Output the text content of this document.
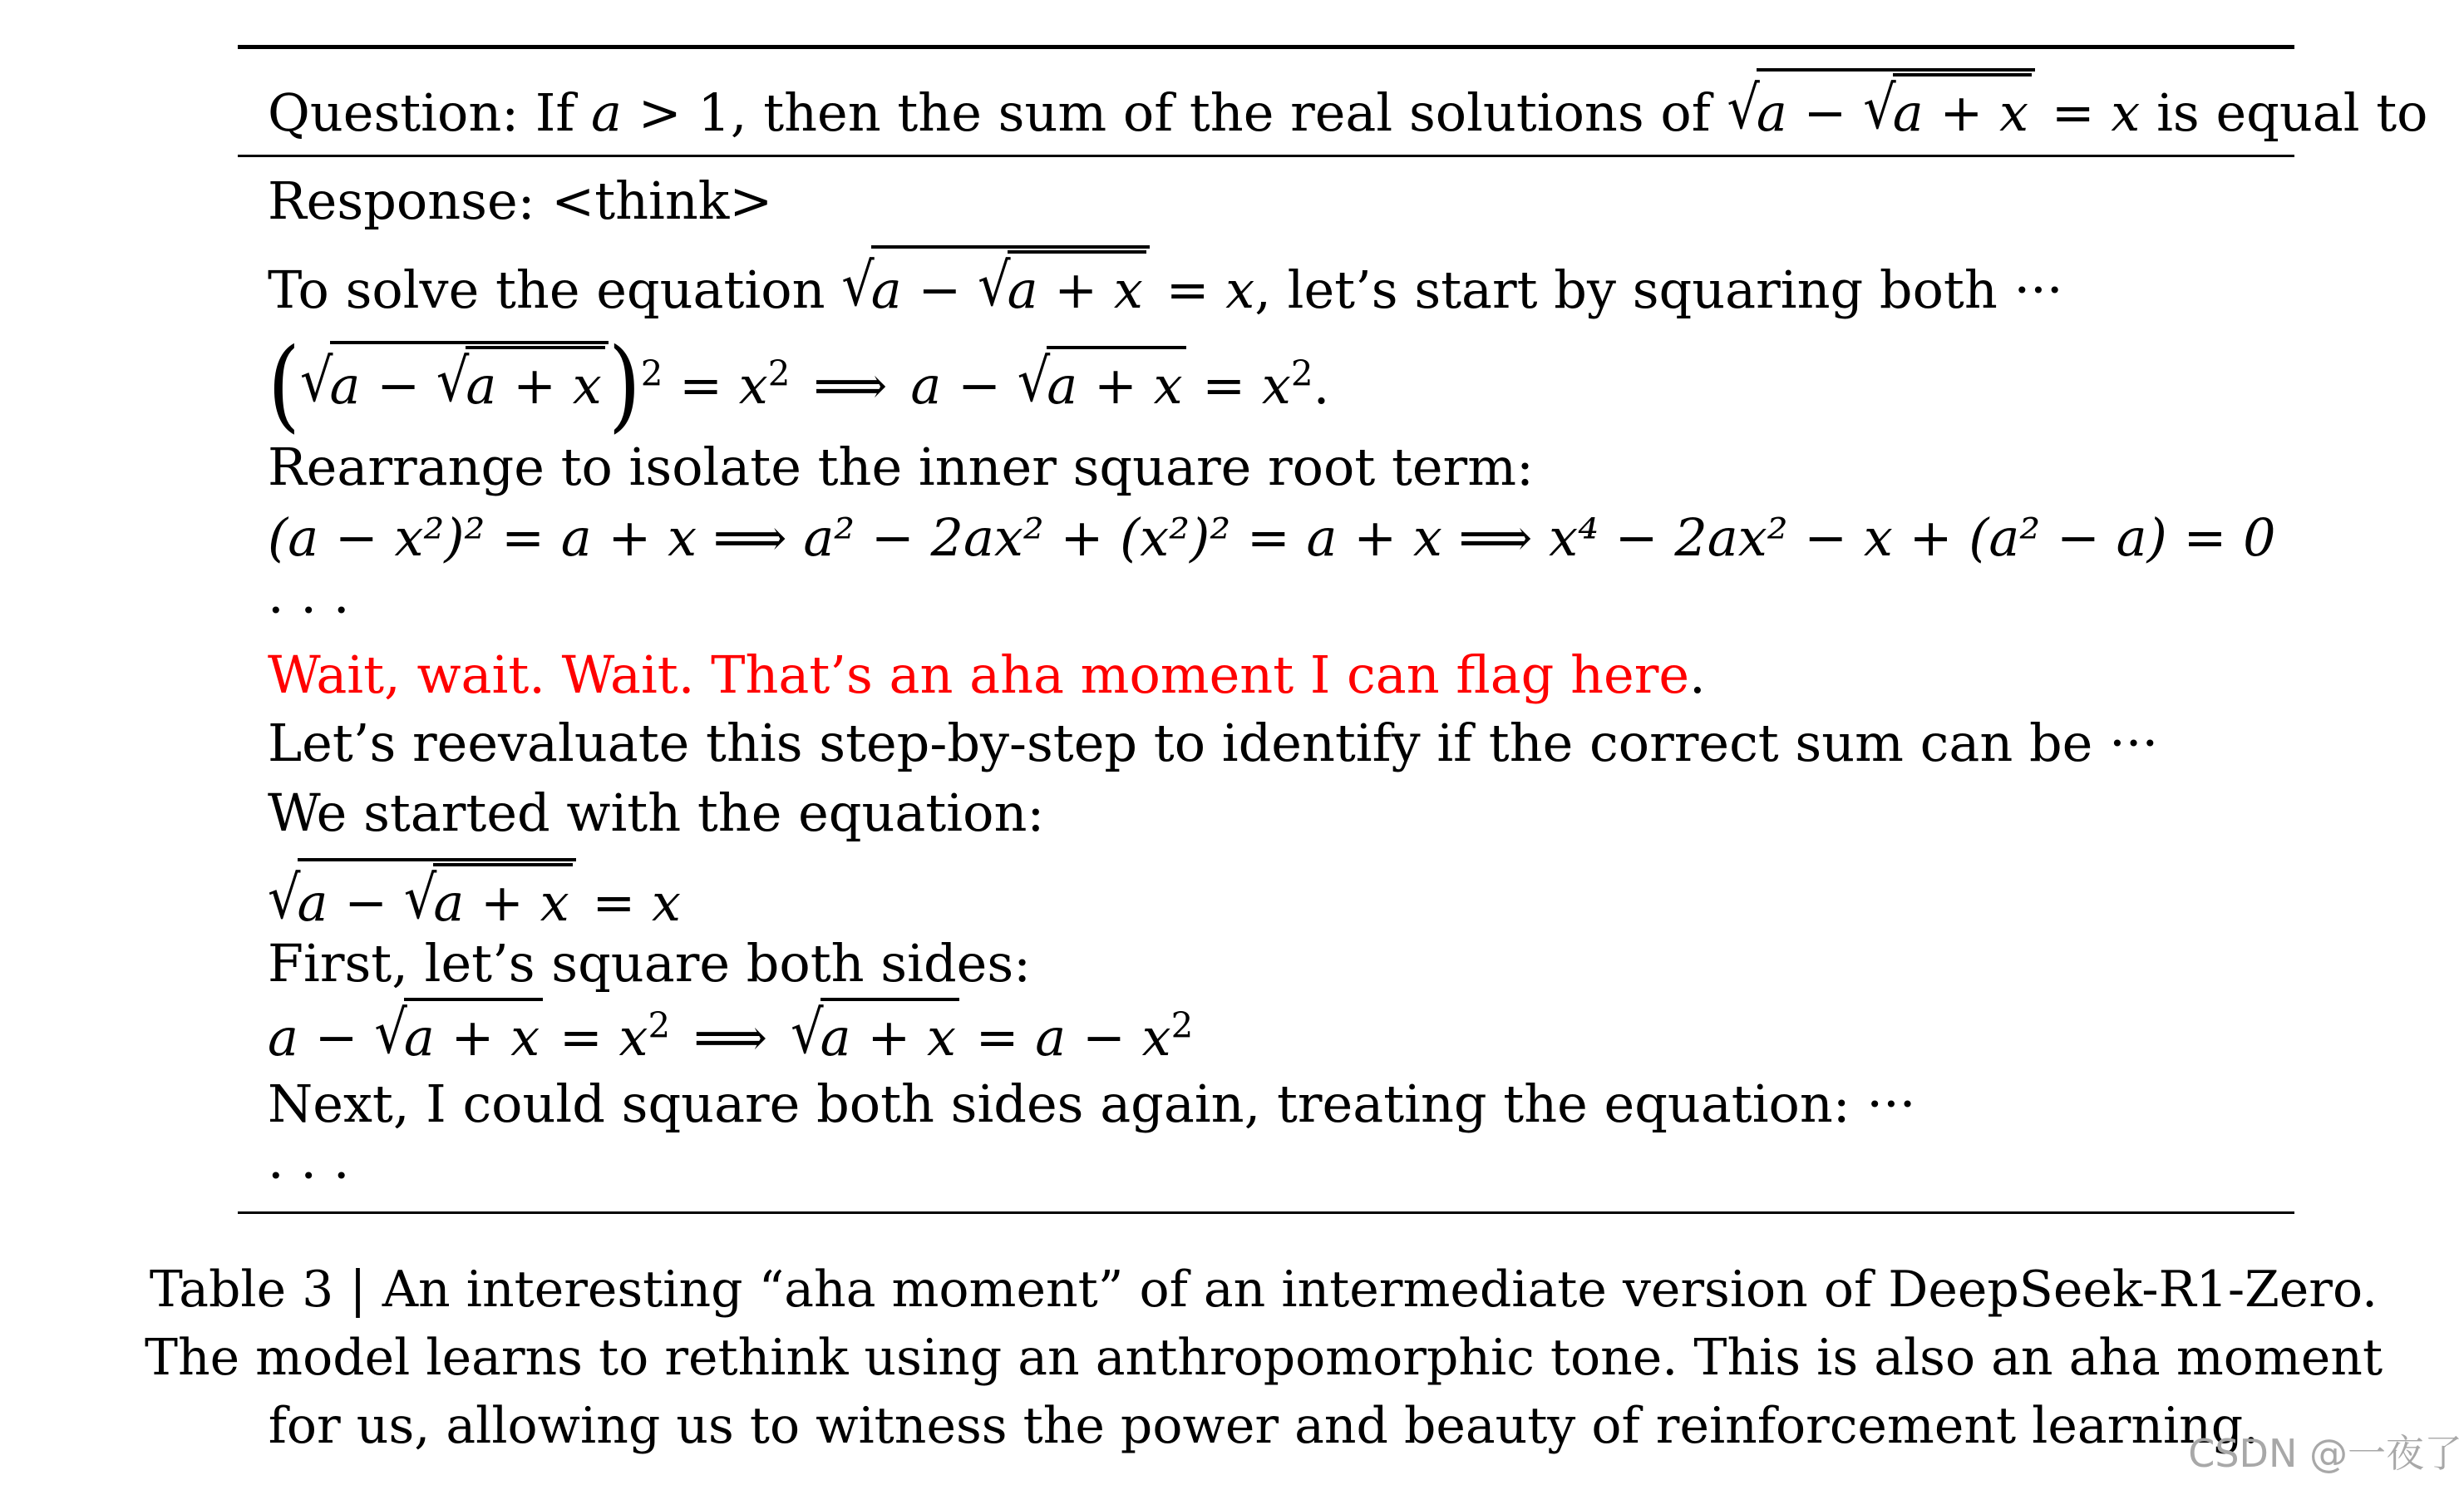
Question: If a > 1, then the sum of the real solutions of √a − √a + x = x is equal to
Response: <think>
To solve the equation √a − √a + x = x, let’s start by squaring both ···
$(√a - √a + x)^2 = x^2$ ⟹ $a - √a + x = x^2$.
Rearrange to isolate the inner square root term:
(a − x²)² = a + x ⟹ a² − 2ax² + (x²)² = a + x ⟹ x⁴ − 2ax² − x + (a² − a) = 0
· · ·
Wait, wait. Wait. That’s an aha moment I can flag here.
Let’s reevaluate this step-by-step to identify if the correct sum can be ···
We started with the equation:
√a − √a + x = x
First, let’s square both sides:
$a - √a + x = x^2$ ⟹ $√a + x = a - x^2$
Next, I could square both sides again, treating the equation: ···
· · ·
Table 3 | An interesting “aha moment” of an intermediate version of DeepSeek-R1-Zero. The model learns to rethink using an anthropomorphic tone. This is also an aha moment for us, allowing us to witness the power and beauty of reinforcement learning.
CSDN @一夜了
